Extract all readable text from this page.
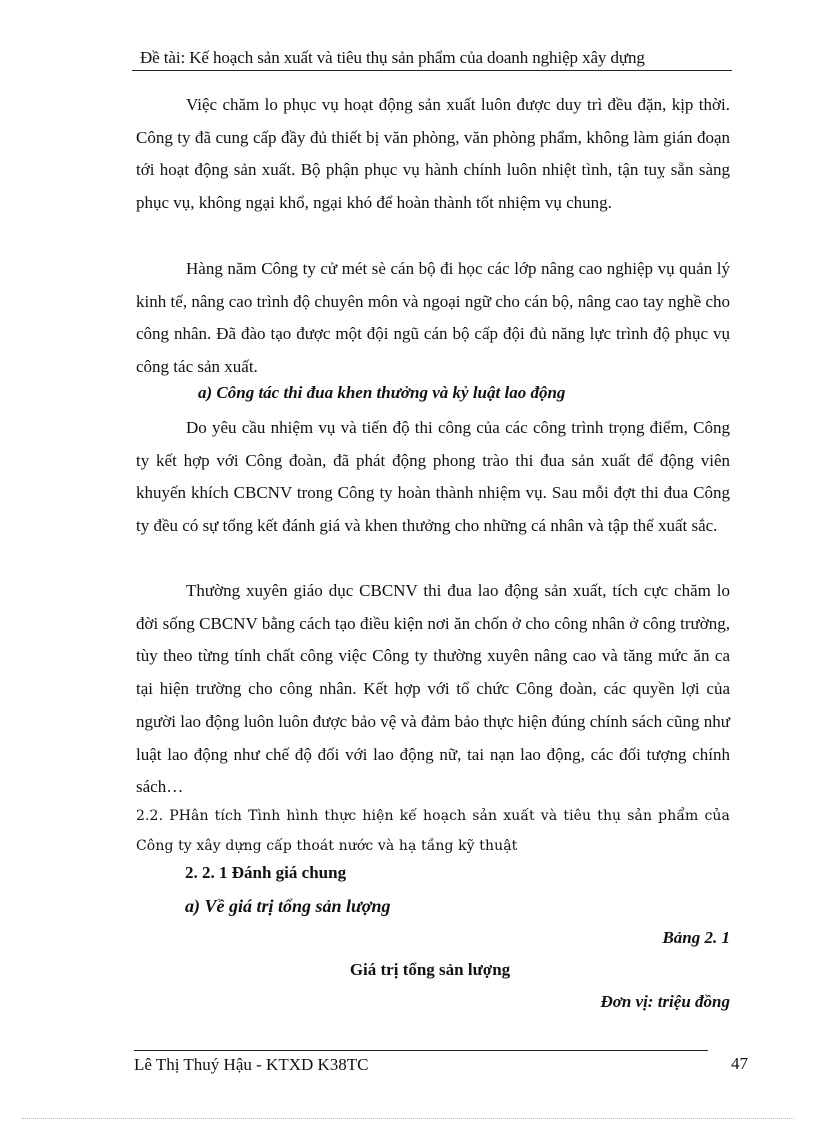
Đề tài: Kế hoạch sản xuất và tiêu thụ sản phẩm của doanh nghiệp xây dựng

Việc chăm lo phục vụ hoạt động sản xuất luôn được duy trì đều đặn, kịp thời. Công ty đã cung cấp đầy đủ thiết bị văn phòng, văn phòng phẩm, không làm gián đoạn tới hoạt động sản xuất. Bộ phận phục vụ hành chính luôn nhiệt tình, tận tuỵ sẵn sàng phục vụ, không ngại khổ, ngại khó để hoàn thành tốt nhiệm vụ chung.

Hàng năm Công ty cử mét sè cán bộ đi học các lớp nâng cao nghiệp vụ quản lý kinh tế, nâng cao trình độ chuyên môn và ngoại ngữ cho cán bộ, nâng cao tay nghề cho công nhân. Đã đào tạo được một đội ngũ cán bộ cấp đội đủ năng lực trình độ phục vụ công tác sản xuất.

a) Công tác thi đua khen thưởng và kỷ luật lao động

Do yêu cầu nhiệm vụ và tiến độ thi công của các công trình trọng điểm, Công ty kết hợp với Công đoàn, đã phát động phong trào thi đua sản xuất để động viên khuyến khích CBCNV trong Công ty hoàn thành nhiệm vụ. Sau mỗi đợt thi đua Công ty đều có sự tổng kết đánh giá và khen thưởng cho những cá nhân và tập thể xuất sắc.

Thường xuyên giáo dục CBCNV thi đua lao động sản xuất, tích cực chăm lo đời sống CBCNV bằng cách tạo điều kiện nơi ăn chốn ở cho công nhân ở công trường, tùy theo từng tính chất công việc Công ty thường xuyên nâng cao và tăng mức ăn ca tại hiện trường cho công nhân. Kết hợp với tổ chức Công đoàn, các quyền lợi của người lao động luôn luôn được bảo vệ và đảm bảo thực hiện đúng chính sách cũng như luật lao động như chế độ đối với lao động nữ, tai nạn lao động, các đối tượng chính sách…

2.2. PHân tích Tình hình thực hiện kế hoạch sản xuất và tiêu thụ sản phẩm của Công ty xây dựng cấp thoát nước và hạ tầng kỹ thuật

2. 2. 1 Đánh giá chung
a) Về giá trị tổng sản lượng
Bảng 2. 1
Giá trị tổng sản lượng
Đơn vị: triệu đồng
Lê Thị Thuý Hậu - KTXD K38TC	47
